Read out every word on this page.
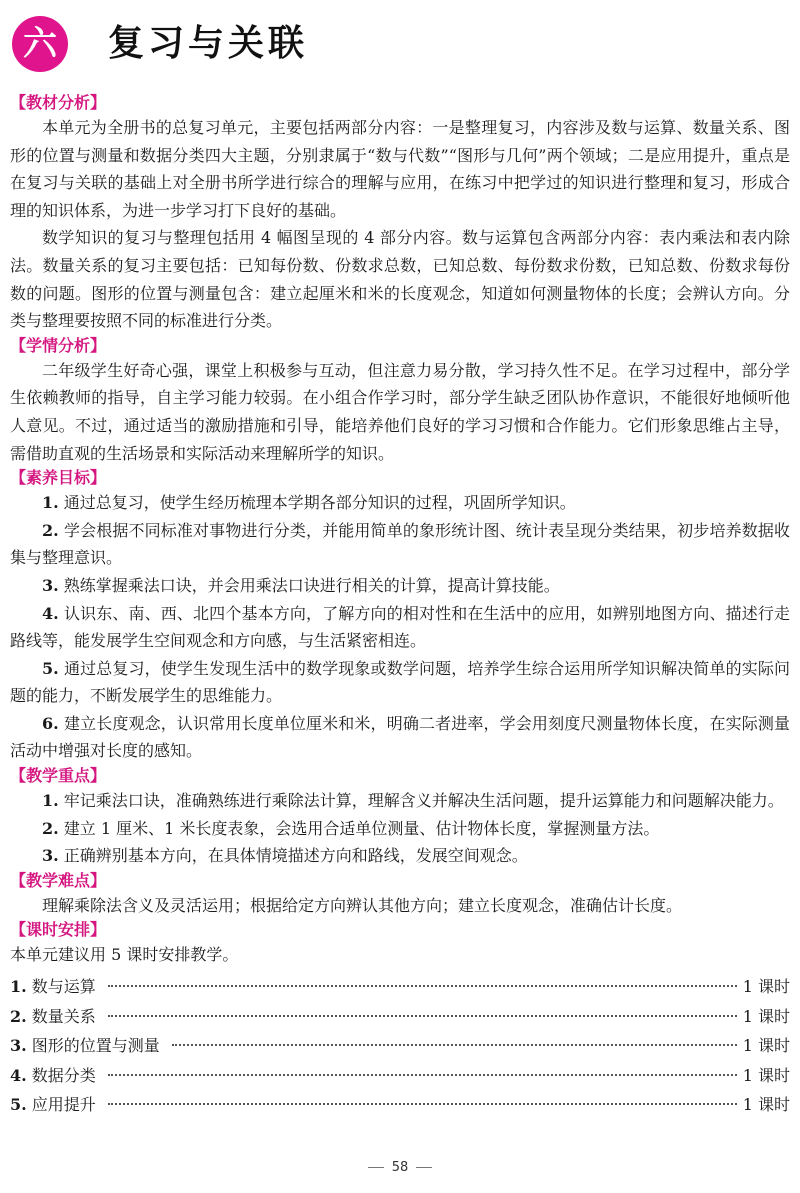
六	复习与关联
【教材分析】

本单元为全册书的总复习单元，主要包括两部分内容：一是整理复习，内容涉及数与运算、数量关系、图形的位置与测量和数据分类四大主题，分别隶属于“数与代数”“图形与几何”两个领域；二是应用提升，重点是在复习与关联的基础上对全册书所学进行综合的理解与应用，在练习中把学过的知识进行整理和复习，形成合理的知识体系，为进一步学习打下良好的基础。

数学知识的复习与整理包括用 4 幅图呈现的 4 部分内容。数与运算包含两部分内容：表内乘法和表内除法。数量关系的复习主要包括：已知每份数、份数求总数，已知总数、每份数求份数，已知总数、份数求每份数的问题。图形的位置与测量包含：建立起厘米和米的长度观念，知道如何测量物体的长度；会辨认方向。分类与整理要按照不同的标准进行分类。

【学情分析】

二年级学生好奇心强，课堂上积极参与互动，但注意力易分散，学习持久性不足。在学习过程中，部分学生依赖教师的指导，自主学习能力较弱。在小组合作学习时，部分学生缺乏团队协作意识，不能很好地倾听他人意见。不过，通过适当的激励措施和引导，能培养他们良好的学习习惯和合作能力。它们形象思维占主导，需借助直观的生活场景和实际活动来理解所学的知识。

【素养目标】

1. 通过总复习，使学生经历梳理本学期各部分知识的过程，巩固所学知识。

2. 学会根据不同标准对事物进行分类，并能用简单的象形统计图、统计表呈现分类结果，初步培养数据收集与整理意识。

3. 熟练掌握乘法口诀，并会用乘法口诀进行相关的计算，提高计算技能。

4. 认识东、南、西、北四个基本方向，了解方向的相对性和在生活中的应用，如辨别地图方向、描述行走路线等，能发展学生空间观念和方向感，与生活紧密相连。

5. 通过总复习，使学生发现生活中的数学现象或数学问题，培养学生综合运用所学知识解决简单的实际问题的能力，不断发展学生的思维能力。

6. 建立长度观念，认识常用长度单位厘米和米，明确二者进率，学会用刻度尺测量物体长度，在实际测量活动中增强对长度的感知。

【教学重点】

1. 牢记乘法口诀，准确熟练进行乘除法计算，理解含义并解决生活问题，提升运算能力和问题解决能力。

2. 建立 1 厘米、1 米长度表象，会选用合适单位测量、估计物体长度，掌握测量方法。

3. 正确辨别基本方向，在具体情境描述方向和路线，发展空间观念。

【教学难点】

理解乘除法含义及灵活运用；根据给定方向辨认其他方向；建立长度观念，准确估计长度。

【课时安排】

本单元建议用 5 课时安排教学。

1. 数与运算	1 课时
2. 数量关系	1 课时
3. 图形的位置与测量	1 课时
4. 数据分类	1 课时
5. 应用提升	1 课时
58
